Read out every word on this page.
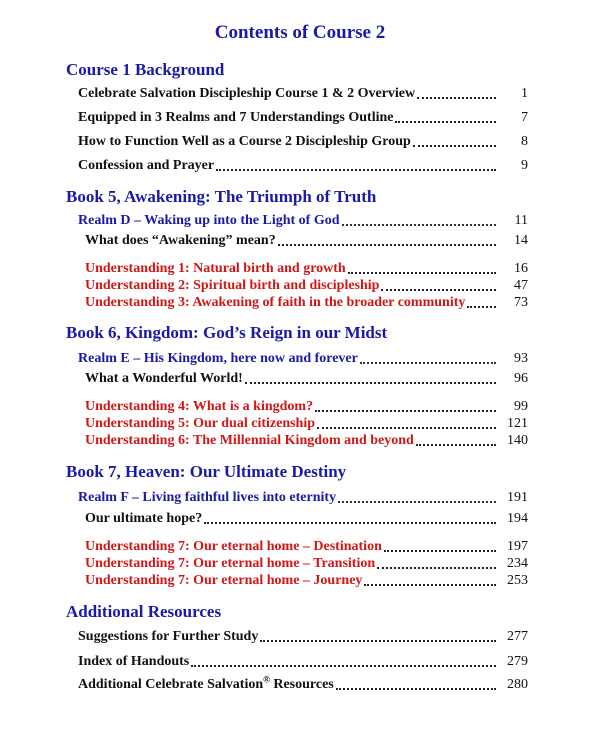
Contents of Course 2
Course 1 Background
Celebrate Salvation Discipleship Course 1 & 2 Overview	1
Equipped in 3 Realms and 7 Understandings Outline	7
How to Function Well as a Course 2 Discipleship Group	8
Confession and Prayer	9
Book 5, Awakening: The Triumph of Truth
Realm D – Waking up into the Light of God	11
What does “Awakening” mean?	14
Understanding 1: Natural birth and growth	16
Understanding 2: Spiritual birth and discipleship	47
Understanding 3: Awakening of faith in the broader community	73
Book 6, Kingdom: God’s Reign in our Midst
Realm E – His Kingdom, here now and forever	93
What a Wonderful World!	96
Understanding 4: What is a kingdom?	99
Understanding 5: Our dual citizenship	121
Understanding 6: The Millennial Kingdom and beyond	140
Book 7, Heaven: Our Ultimate Destiny
Realm F – Living faithful lives into eternity	191
Our ultimate hope?	194
Understanding 7: Our eternal home – Destination	197
Understanding 7: Our eternal home – Transition	234
Understanding 7: Our eternal home – Journey	253
Additional Resources
Suggestions for Further Study	277
Index of Handouts	279
Additional Celebrate Salvation® Resources	280
